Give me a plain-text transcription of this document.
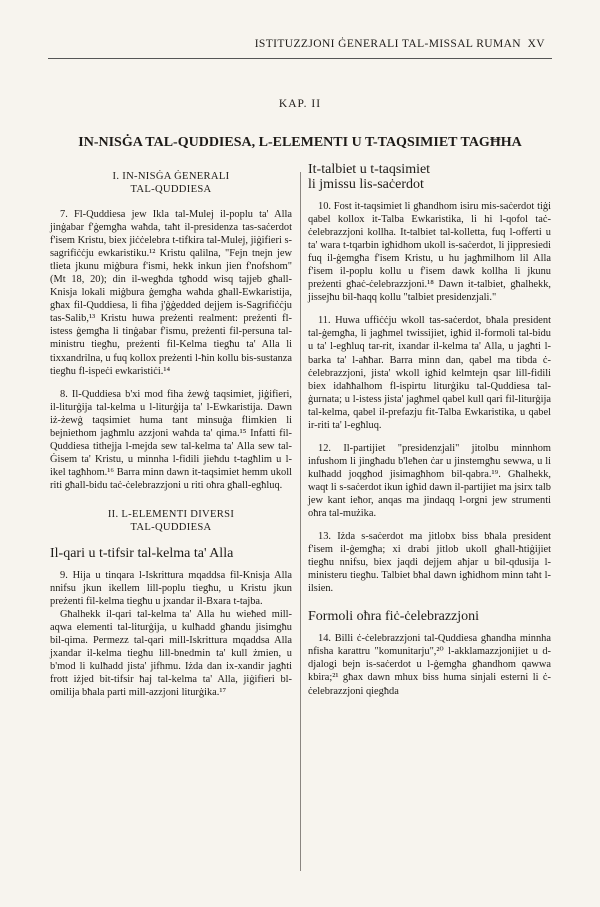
ISTITUZZJONI ĠENERALI TAL-MISSAL RUMAN XV
KAP. II
IN-NISĠA TAL-QUDDIESA, L-ELEMENTI U T-TAQSIMIET TAGĦHA
I. IN-NISĠA ĠENERALI
TAL-QUDDIESA

7. Fl-Quddiesa jew Ikla tal-Mulej il-poplu ta' Alla jinġabar f'ġemgħa waħda, taħt il-presidenza tas-saċerdot f'isem Kristu, biex jiċċelebra t-tifkira tal-Mulej, jiġifieri s-sagrifiċċju ewkaristiku.¹² Kristu qalilna, "Fejn tnejn jew tlieta jkunu miġbura f'ismi, hekk inkun jien f'nofshom" (Mt 18, 20); din il-wegħda tgħodd wisq tajjeb għall-Knisja lokali miġbura ġemgħa waħda għall-Ewkaristija, għax fil-Quddiesa, li fiha j'ġġedded dejjem is-Sagrifiċċju tas-Salib,¹³ Kristu huwa preżenti realment: preżenti fl-istess ġemgħa li tinġabar f'ismu, preżenti fil-persuna tal-ministru tiegħu, preżenti fil-Kelma tiegħu ta' Alla li tixxandrilna, u fuq kollox preżenti l-ħin kollu bis-sustanza tiegħu fl-ispeċi ewkaristiċi.¹⁴

8. Il-Quddiesa b'xi mod fiha żewġ taqsimiet, jiġifieri, il-liturġija tal-kelma u l-liturġija ta' l-Ewkaristija. Dawn iż-żewġ taqsimiet huma tant minsuġa flimkien li bejniethom jagħmlu azzjoni waħda ta' qima.¹⁵ Infatti fil-Quddiesa tithejja l-mejda sew tal-kelma ta' Alla sew tal-Ġisem ta' Kristu, u minnha l-fidili jieħdu t-tagħlim u l-ikel tagħhom.¹⁶ Barra minn dawn it-taqsimiet hemm ukoll riti għall-bidu taċ-ċelebrazzjoni u riti oħra għall-egħluq.

II. L-ELEMENTI DIVERSI
TAL-QUDDIESA
Il-qari u t-tifsir tal-kelma ta' Alla

9. Hija u tinqara l-Iskrittura mqaddsa fil-Knisja Alla nnifsu jkun ikellem lill-poplu tiegħu, u Kristu jkun preżenti fil-kelma tiegħu u jxandar il-Bxara t-tajba.

Għalhekk il-qari tal-kelma ta' Alla hu wieħed mill-aqwa elementi tal-liturġija, u kulħadd għandu jisimgħu bil-qima. Permezz tal-qari mill-Iskrittura mqaddsa Alla jxandar il-kelma tiegħu lill-bnedmin ta' kull żmien, u b'mod li kulħadd jista' jifhmu. Iżda dan ix-xandir jagħti frott iżjed bit-tifsir ħaj tal-kelma ta' Alla, jiġifieri bl-omilija bħala parti mill-azzjoni liturġika.¹⁷

It-talbiet u t-taqsimiet
li jmissu lis-saċerdot

10. Fost it-taqsimiet li għandhom isiru mis-saċerdot tiġi qabel kollox it-Talba Ewkaristika, li hi l-qofol taċ-ċelebrazzjoni kollha. It-talbiet tal-kolletta, fuq l-offerti u ta' wara t-tqarbin igħidhom ukoll is-saċerdot, li jippresiedi fuq il-ġemgħa f'isem Kristu, u hu jagħmilhom lil Alla f'isem il-poplu kollu u f'isem dawk kollha li jkunu preżenti għaċ-ċelebrazzjoni.¹⁸ Dawn it-talbiet, għalhekk, jissejħu bil-ħaqq kollu "talbiet presidenzjali."

11. Huwa uffiċċju wkoll tas-saċerdot, bħala president tal-ġemgħa, li jagħmel twissijiet, igħid il-formoli tal-bidu u ta' l-egħluq tar-rit, ixandar il-kelma ta' Alla, u jagħti l-barka ta' l-aħħar. Barra minn dan, qabel ma tibda ċ-ċelebrazzjoni, jista' wkoll igħid kelmtejn qsar lill-fidili biex idaħħalhom fl-ispirtu liturġiku tal-Quddiesa tal-ġurnata; u l-istess jista' jagħmel qabel kull qari fil-liturġija tal-kelma, qabel il-prefazju fit-Talba Ewkaristika, u qabel ir-riti ta' l-egħluq.

12. Il-partijiet "presidenzjali" jitolbu minnhom infushom li jingħadu b'leħen ċar u jinstemgħu sewwa, u li kulħadd joqgħod jisimagħhom bil-qabra.¹⁹. Għalhekk, waqt li s-saċerdot ikun igħid dawn il-partijiet ma jsirx talb jew kant ieħor, anqas ma jindaqq l-orgni jew strumenti oħra tal-mużika.

13. Iżda s-saċerdot ma jitlobx biss bħala president f'isem il-ġemgħa; xi drabi jitlob ukoll għall-ħtiġijiet tiegħu nnifsu, biex jaqdi dejjem aħjar u bil-qdusija l-ministeru tiegħu. Talbiet bħal dawn igħidhom minn taħt l-ilsien.

Formoli oħra fiċ-ċelebrazzjoni

14. Billi ċ-ċelebrazzjoni tal-Quddiesa għandha minnha nfisha karattru "komunitarju",²⁰ l-akklamazzjonijiet u d-djalogi bejn is-saċerdot u l-ġemgħa għandhom qawwa kbira;²¹ għax dawn mhux biss huma sinjali esterni li ċ-ċelebrazzjoni qiegħda
